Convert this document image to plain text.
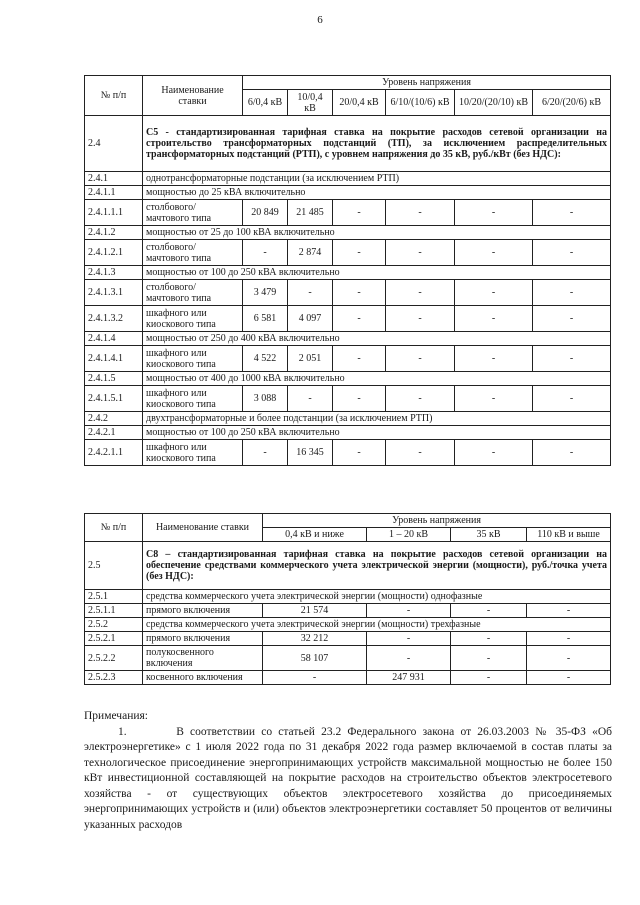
6
№ п/п	Наименование ставки	Уровень напряжения					
		6/0,4 кВ	10/0,4 кВ	20/0,4 кВ	6/10/(10/6) кВ	10/20/(20/10) кВ	6/20/(20/6) кВ
2.4	С5 - стандартизированная тарифная ставка на покрытие расходов сетевой организации на строительство трансформаторных подстанций (ТП), за исключением распределительных трансформаторных подстанций (РТП), с уровнем напряжения до 35 кВ, руб./кВт (без НДС):						
2.4.1	однотрансформаторные подстанции (за исключением РТП)						
2.4.1.1	мощностью до 25 кВА включительно						
2.4.1.1.1	столбового/ мачтового типа	20 849	21 485	-	-	-	-
2.4.1.2	мощностью от 25 до 100 кВА включительно						
2.4.1.2.1	столбового/ мачтового типа	-	2 874	-	-	-	-
2.4.1.3	мощностью от 100 до 250 кВА включительно						
2.4.1.3.1	столбового/ мачтового типа	3 479	-	-	-	-	-
2.4.1.3.2	шкафного или киоскового типа	6 581	4 097	-	-	-	-
2.4.1.4	мощностью от 250 до 400 кВА включительно						
2.4.1.4.1	шкафного или киоскового типа	4 522	2 051	-	-	-	-
2.4.1.5	мощностью от 400 до 1000 кВА включительно						
2.4.1.5.1	шкафного или киоскового типа	3 088	-	-	-	-	-
2.4.2	двухтрансформаторные и более подстанции (за исключением РТП)						
2.4.2.1	мощностью от 100 до 250 кВА включительно						
2.4.2.1.1	шкафного или киоскового типа	-	16 345	-	-	-	-
№ п/п	Наименование ставки	Уровень напряжения			
		0,4 кВ и ниже	1 – 20 кВ	35 кВ	110 кВ и выше
2.5	С8 – стандартизированная тарифная ставка на покрытие расходов сетевой организации на обеспечение средствами коммерческого учета электрической энергии (мощности), руб./точка учета (без НДС):				
2.5.1	средства коммерческого учета электрической энергии (мощности) однофазные				
2.5.1.1	прямого включения	21 574	-	-	-
2.5.2	средства коммерческого учета электрической энергии (мощности) трехфазные				
2.5.2.1	прямого включения	32 212	-	-	-
2.5.2.2	полукосвенного включения	58 107	-	-	-
2.5.2.3	косвенного включения	-	247 931	-	-

Примечания:

1.        В соответствии со статьей 23.2 Федерального закона от 26.03.2003 № 35-ФЗ «Об электроэнергетике» с 1 июля 2022 года по 31 декабря 2022 года размер включаемой в состав платы за технологическое присоединение энергопринимающих устройств максимальной мощностью не более 150 кВт инвестиционной составляющей на покрытие расходов на строительство объектов электросетевого хозяйства - от существующих объектов электросетевого хозяйства до присоединяемых энергопринимающих устройств и (или) объектов электроэнергетики составляет 50 процентов от величины указанных расходов
